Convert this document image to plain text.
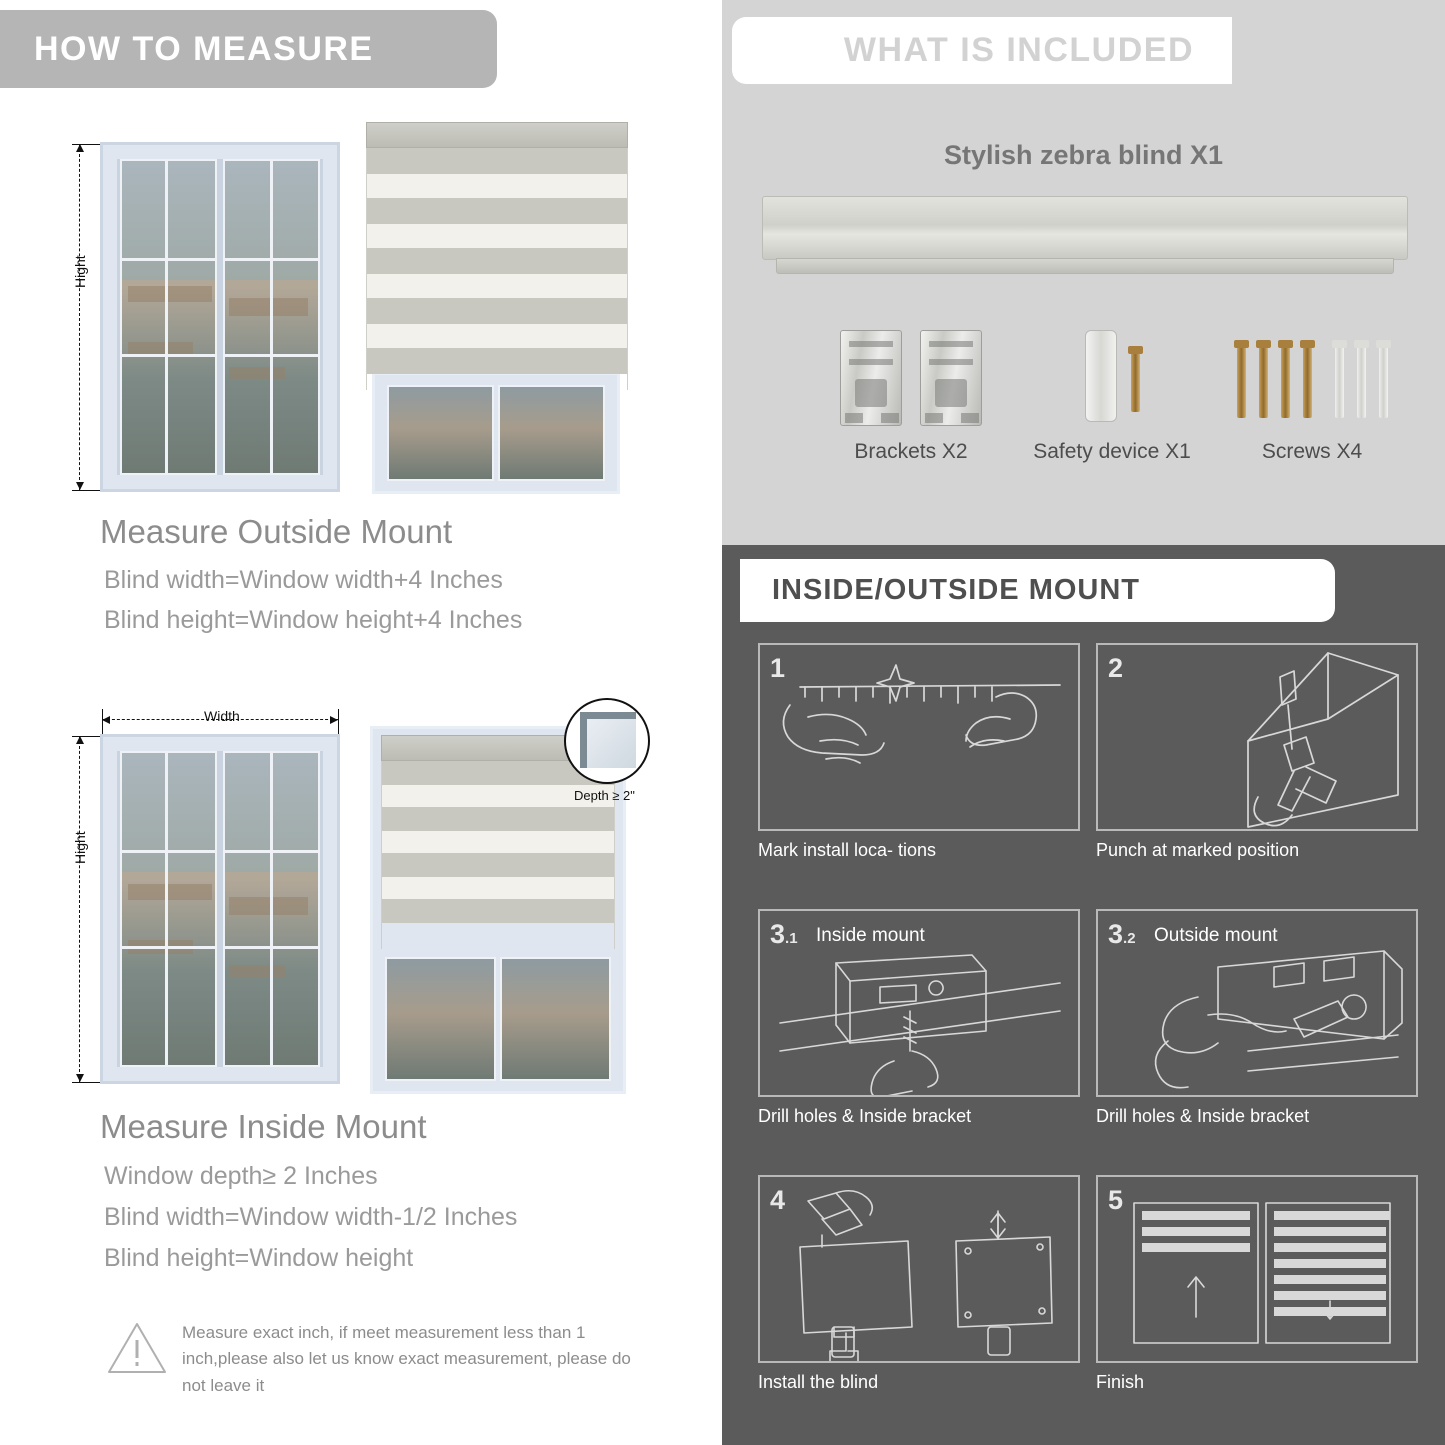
HOW TO MEASURE
Hight
Measure Outside Mount
Blind width=Window width+4 Inches
Blind height=Window height+4 Inches
Width
Hight
Depth ≥ 2"
Measure Inside Mount
Window depth≥ 2 Inches
Blind width=Window width-1/2 Inches
Blind height=Window height
Measure exact inch, if meet measurement less than 1 inch,please also let us know exact measurement, please do not leave it
WHAT IS INCLUDED
Stylish zebra blind X1
Brackets X2	Safety device X1	Screws X4
INSIDE/OUTSIDE MOUNT
1
Mark install loca- tions
2
Punch at marked position
3.1 Inside mount
Drill holes & Inside bracket
3.2 Outside mount
Drill holes & Inside bracket
4
Install the blind
5
Finish
